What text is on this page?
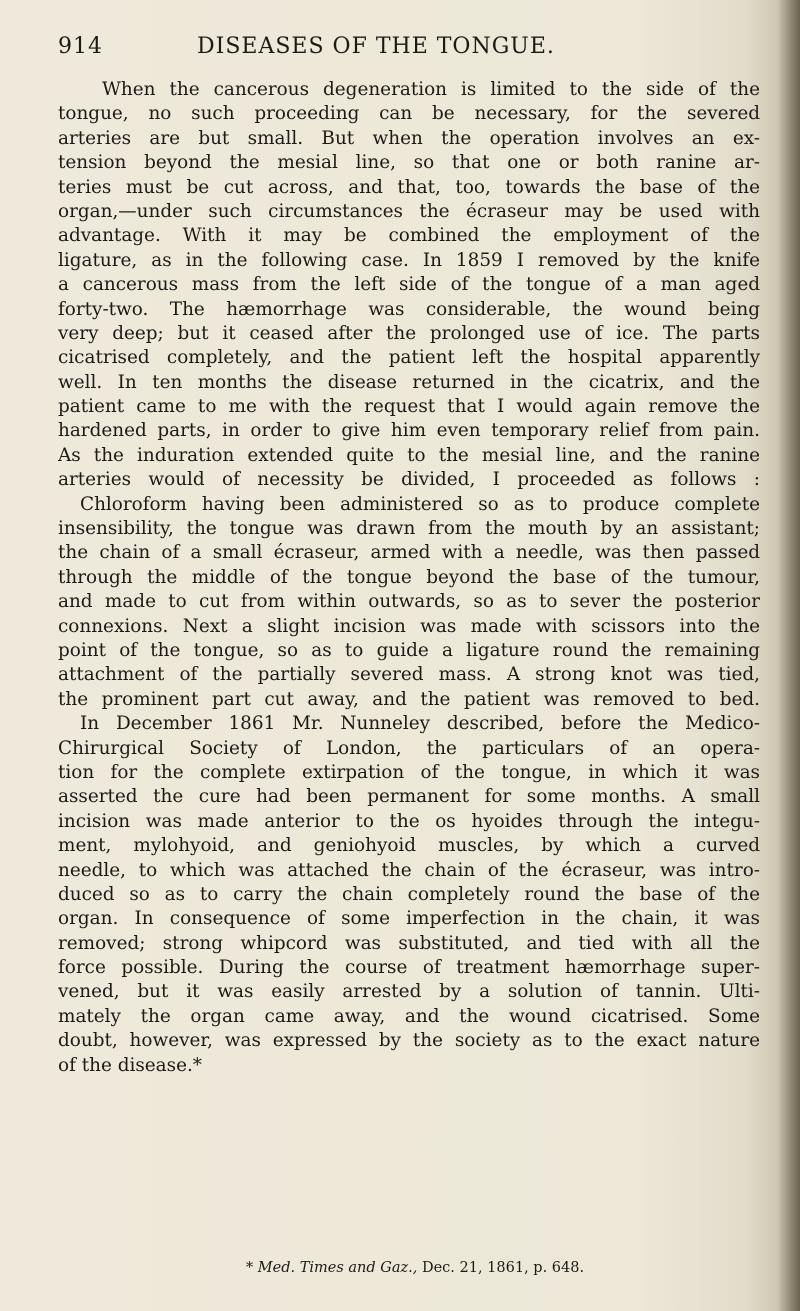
914	DISEASES OF THE TONGUE.
When the cancerous degeneration is limited to the side of the
tongue, no such proceeding can be necessary, for the severed
arteries are but small. But when the operation involves an ex-
tension beyond the mesial line, so that one or both ranine ar-
teries must be cut across, and that, too, towards the base of the
organ,—under such circumstances the écraseur may be used with
advantage. With it may be combined the employment of the
ligature, as in the following case. In 1859 I removed by the knife
a cancerous mass from the left side of the tongue of a man aged
forty-two. The hæmorrhage was considerable, the wound being
very deep; but it ceased after the prolonged use of ice. The parts
cicatrised completely, and the patient left the hospital apparently
well. In ten months the disease returned in the cicatrix, and the
patient came to me with the request that I would again remove the
hardened parts, in order to give him even temporary relief from pain.
As the induration extended quite to the mesial line, and the ranine
arteries would of necessity be divided, I proceeded as follows :
Chloroform having been administered so as to produce complete
insensibility, the tongue was drawn from the mouth by an assistant;
the chain of a small écraseur, armed with a needle, was then passed
through the middle of the tongue beyond the base of the tumour,
and made to cut from within outwards, so as to sever the posterior
connexions. Next a slight incision was made with scissors into the
point of the tongue, so as to guide a ligature round the remaining
attachment of the partially severed mass. A strong knot was tied,
the prominent part cut away, and the patient was removed to bed.
In December 1861 Mr. Nunneley described, before the Medico-
Chirurgical Society of London, the particulars of an opera-
tion for the complete extirpation of the tongue, in which it was
asserted the cure had been permanent for some months. A small
incision was made anterior to the os hyoides through the integu-
ment, mylohyoid, and geniohyoid muscles, by which a curved
needle, to which was attached the chain of the écraseur, was intro-
duced so as to carry the chain completely round the base of the
organ. In consequence of some imperfection in the chain, it was
removed; strong whipcord was substituted, and tied with all the
force possible. During the course of treatment hæmorrhage super-
vened, but it was easily arrested by a solution of tannin. Ulti-
mately the organ came away, and the wound cicatrised. Some
doubt, however, was expressed by the society as to the exact nature
of the disease.*
* Med. Times and Gaz., Dec. 21, 1861, p. 648.
